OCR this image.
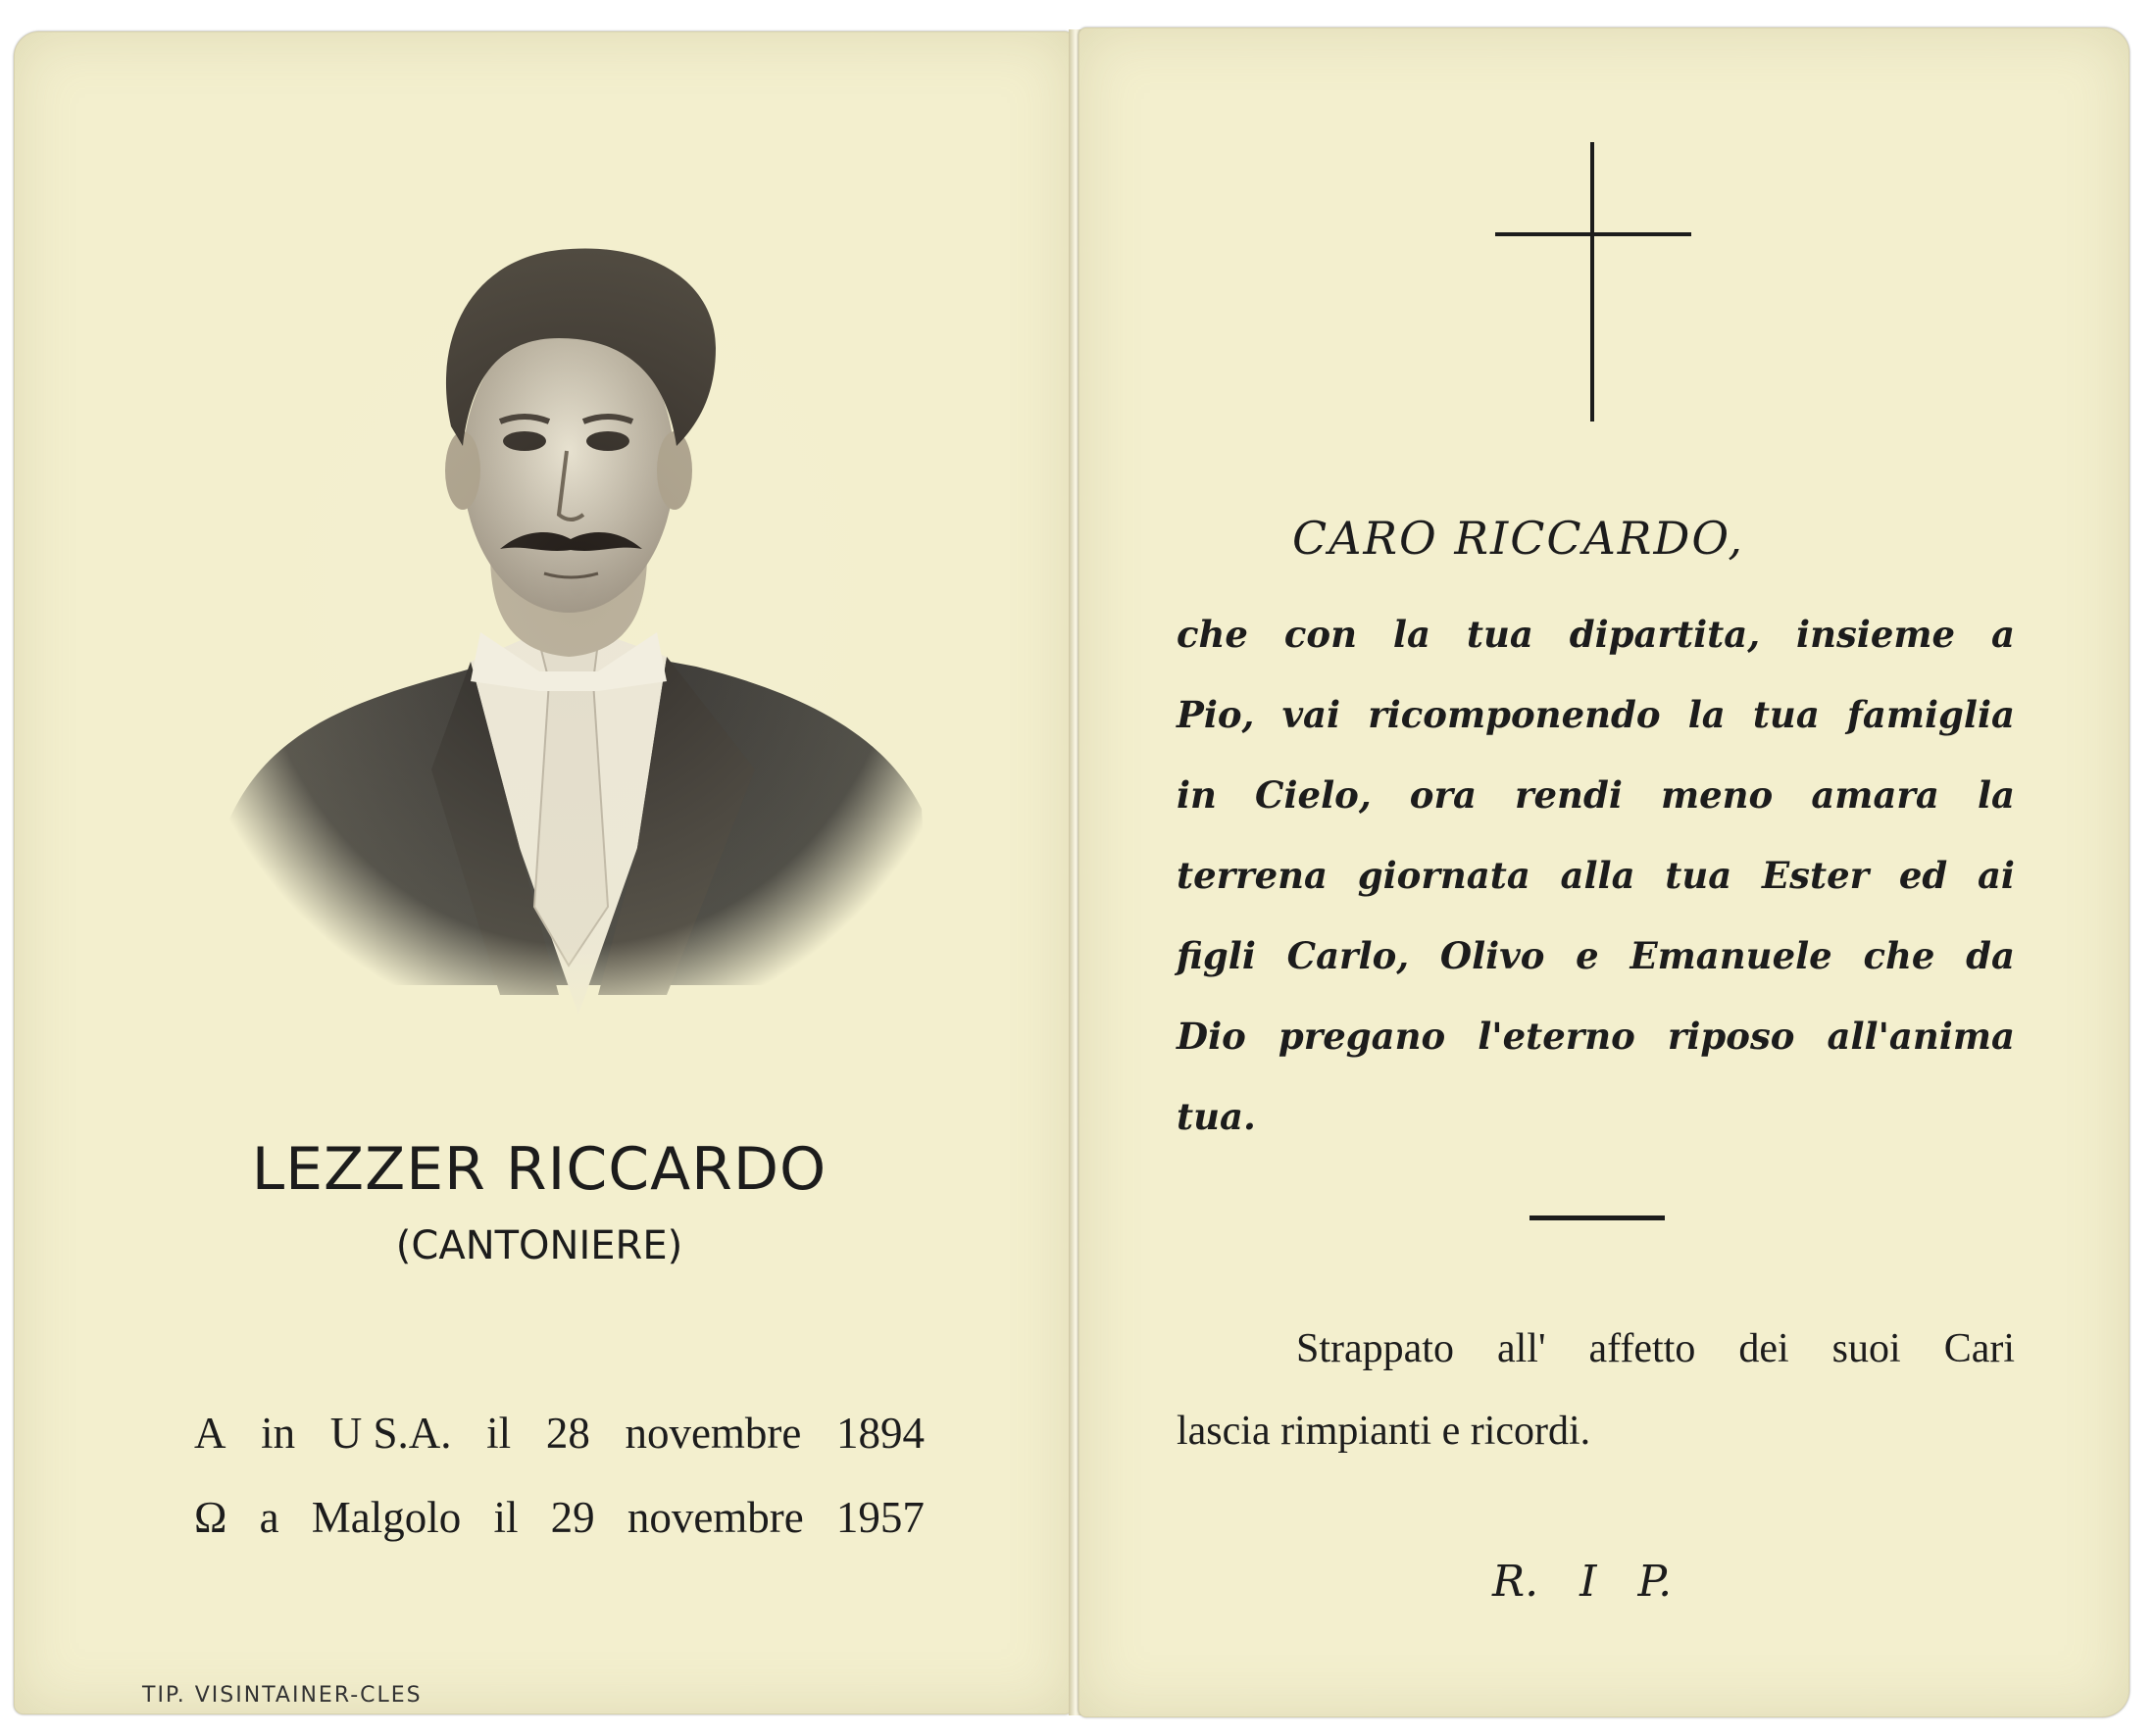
LEZZER RICCARDO
(CANTONIERE)
A in U S.A. il 28 novembre 1894
Ω a Malgolo il 29 novembre 1957
TIP. VISINTAINER-CLES
CARO RICCARDO,
che con la tua dipartita, insieme a
Pio, vai ricomponendo la tua famiglia
in Cielo, ora rendi meno amara la
terrena giornata alla tua Ester ed ai
figli Carlo, Olivo e Emanuele che da
Dio pregano l'eterno riposo all'anima
tua.
Strappato all' affetto dei suoi Cari
lascia rimpianti e ricordi.
R. I P.
